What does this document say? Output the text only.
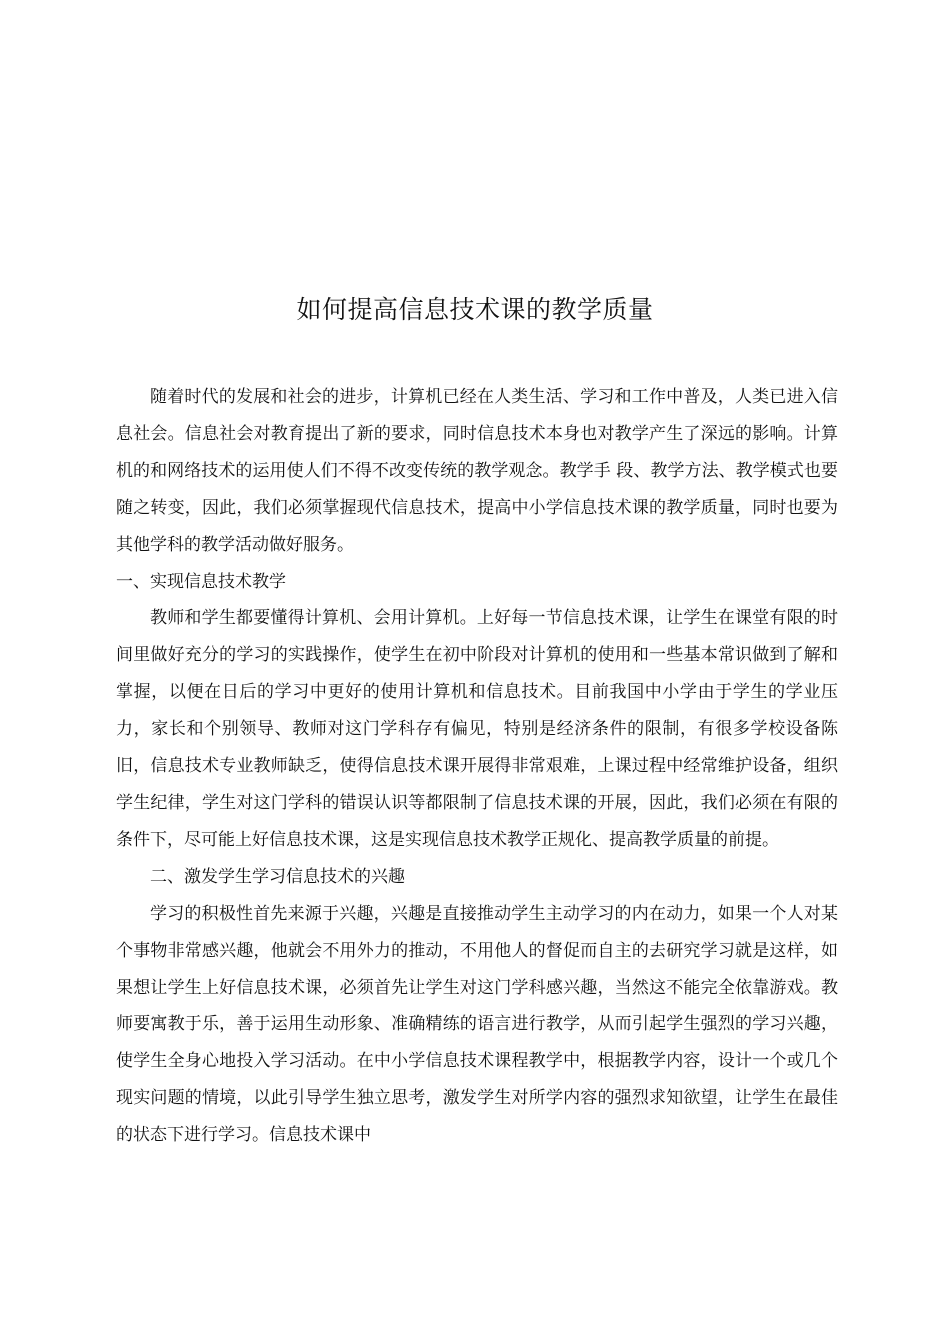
如何提高信息技术课的教学质量

随着时代的发展和社会的进步，计算机已经在人类生活、学习和工作中普及，人类已进入信息社会。信息社会对教育提出了新的要求，同时信息技术本身也对教学产生了深远的影响。计算机的和网络技术的运用使人们不得不改变传统的教学观念。教学手 段、教学方法、教学模式也要随之转变，因此，我们必须掌握现代信息技术，提高中小学信息技术课的教学质量，同时也要为其他学科的教学活动做好服务。

一、实现信息技术教学

教师和学生都要懂得计算机、会用计算机。上好每一节信息技术课，让学生在课堂有限的时间里做好充分的学习的实践操作，使学生在初中阶段对计算机的使用和一些基本常识做到了解和掌握，以便在日后的学习中更好的使用计算机和信息技术。目前我国中小学由于学生的学业压力，家长和个别领导、教师对这门学科存有偏见，特别是经济条件的限制，有很多学校设备陈旧，信息技术专业教师缺乏，使得信息技术课开展得非常艰难，上课过程中经常维护设备，组织学生纪律，学生对这门学科的错误认识等都限制了信息技术课的开展，因此，我们必须在有限的条件下，尽可能上好信息技术课，这是实现信息技术教学正规化、提高教学质量的前提。

二、激发学生学习信息技术的兴趣

学习的积极性首先来源于兴趣，兴趣是直接推动学生主动学习的内在动力，如果一个人对某个事物非常感兴趣，他就会不用外力的推动，不用他人的督促而自主的去研究学习就是这样，如果想让学生上好信息技术课，必须首先让学生对这门学科感兴趣，当然这不能完全依靠游戏。教师要寓教于乐，善于运用生动形象、准确精练的语言进行教学，从而引起学生强烈的学习兴趣，使学生全身心地投入学习活动。在中小学信息技术课程教学中，根据教学内容，设计一个或几个现实问题的情境，以此引导学生独立思考，激发学生对所学内容的强烈求知欲望，让学生在最佳的状态下进行学习。信息技术课中
